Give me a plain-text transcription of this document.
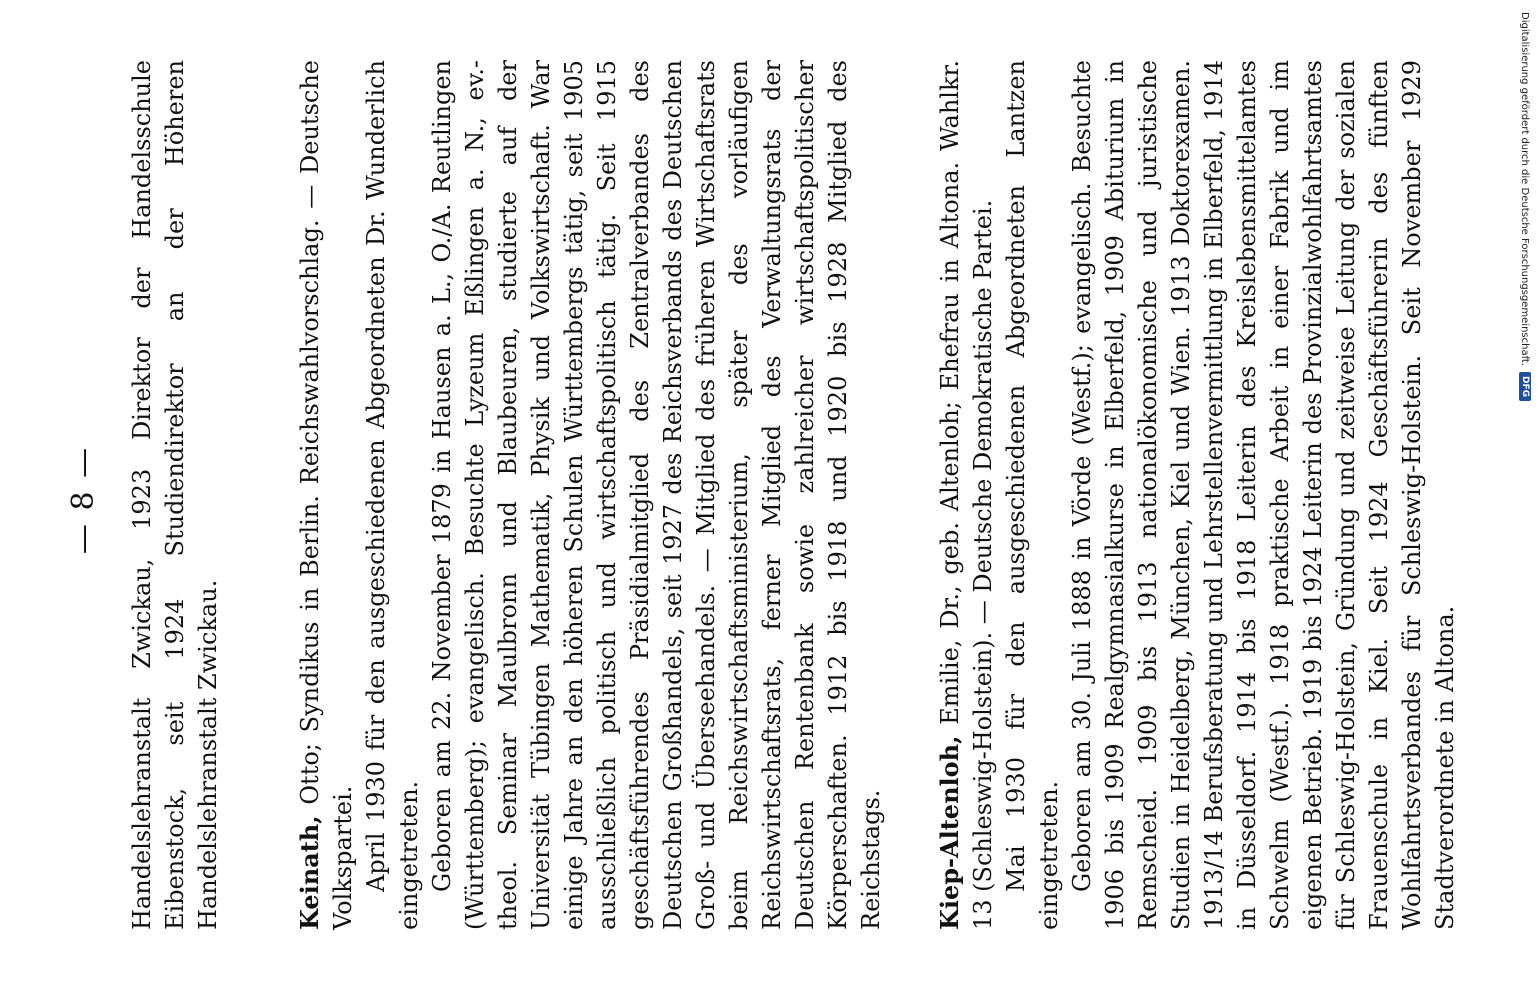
— 8 — Handelslehranstalt Zwickau, 1923 Direktor der Handelsschule Eibenstock, seit 1924 Studiendirektor an der Höheren Handelslehranstalt Zwickau.	Keinath, Otto; Syndikus in Berlin. Reichswahlvorschlag. — Deutsche Volkspartei. April 1930 für den ausgeschiedenen Abgeordneten Dr. Wunderlich eingetreten. Geboren am 22. November 1879 in Hausen a. L., O./A. Reutlingen (Württemberg); evangelisch. Besuchte Lyzeum Eßlingen a. N., ev.-theol. Seminar Maulbronn und Blaubeuren, studierte auf der Universität Tübingen Mathematik, Physik und Volkswirtschaft. War einige Jahre an den höheren Schulen Württembergs tätig, seit 1905 ausschließlich politisch und wirtschaftspolitisch tätig. Seit 1915 geschäftsführendes Präsidialmitglied des Zentralverbandes des Deutschen Großhandels, seit 1927 des Reichsverbands des Deutschen Groß- und Überseehandels. — Mitglied des früheren Wirtschaftsrats beim Reichswirtschaftsministerium, später des vorläufigen Reichswirtschaftsrats, ferner Mitglied des Verwaltungsrats der Deutschen Rentenbank sowie zahlreicher wirtschaftspolitischer Körperschaften. 1912 bis 1918 und 1920 bis 1928 Mitglied des Reichstags. Kiep-Altenloh, Emilie, Dr., geb. Altenloh; Ehefrau in Altona. Wahlkr. 13 (Schleswig-Holstein). — Deutsche Demokratische Partei. Mai 1930 für den ausgeschiedenen Abgeordneten Lantzen eingetreten. Geboren am 30. Juli 1888 in Vörde (Westf.); evangelisch. Besuchte 1906 bis 1909 Realgymnasialkurse in Elberfeld, 1909 Abiturium in Remscheid. 1909 bis 1913 nationalökonomische und juristische Studien in Heidelberg, München, Kiel und Wien. 1913 Doktorexamen. 1913/14 Berufsberatung und Lehrstellenvermittlung in Elberfeld, 1914 in Düsseldorf. 1914 bis 1918 Leiterin des Kreislebensmittelamtes Schwelm (Westf.). 1918 praktische Arbeit in einer Fabrik und im eigenen Betrieb. 1919 bis 1924 Leiterin des Provinzialwohlfahrtsamtes für Schleswig-Holstein, Gründung und zeitweise Leitung der sozialen Frauenschule in Kiel. Seit 1924 Geschäftsführerin des fünften Wohlfahrtsverbandes für Schleswig-Holstein. Seit November 1929 Stadtverordnete in Altona.

Digitalisierung gefördert durch die Deutsche Forschungsgemeinschaft.
DFG
